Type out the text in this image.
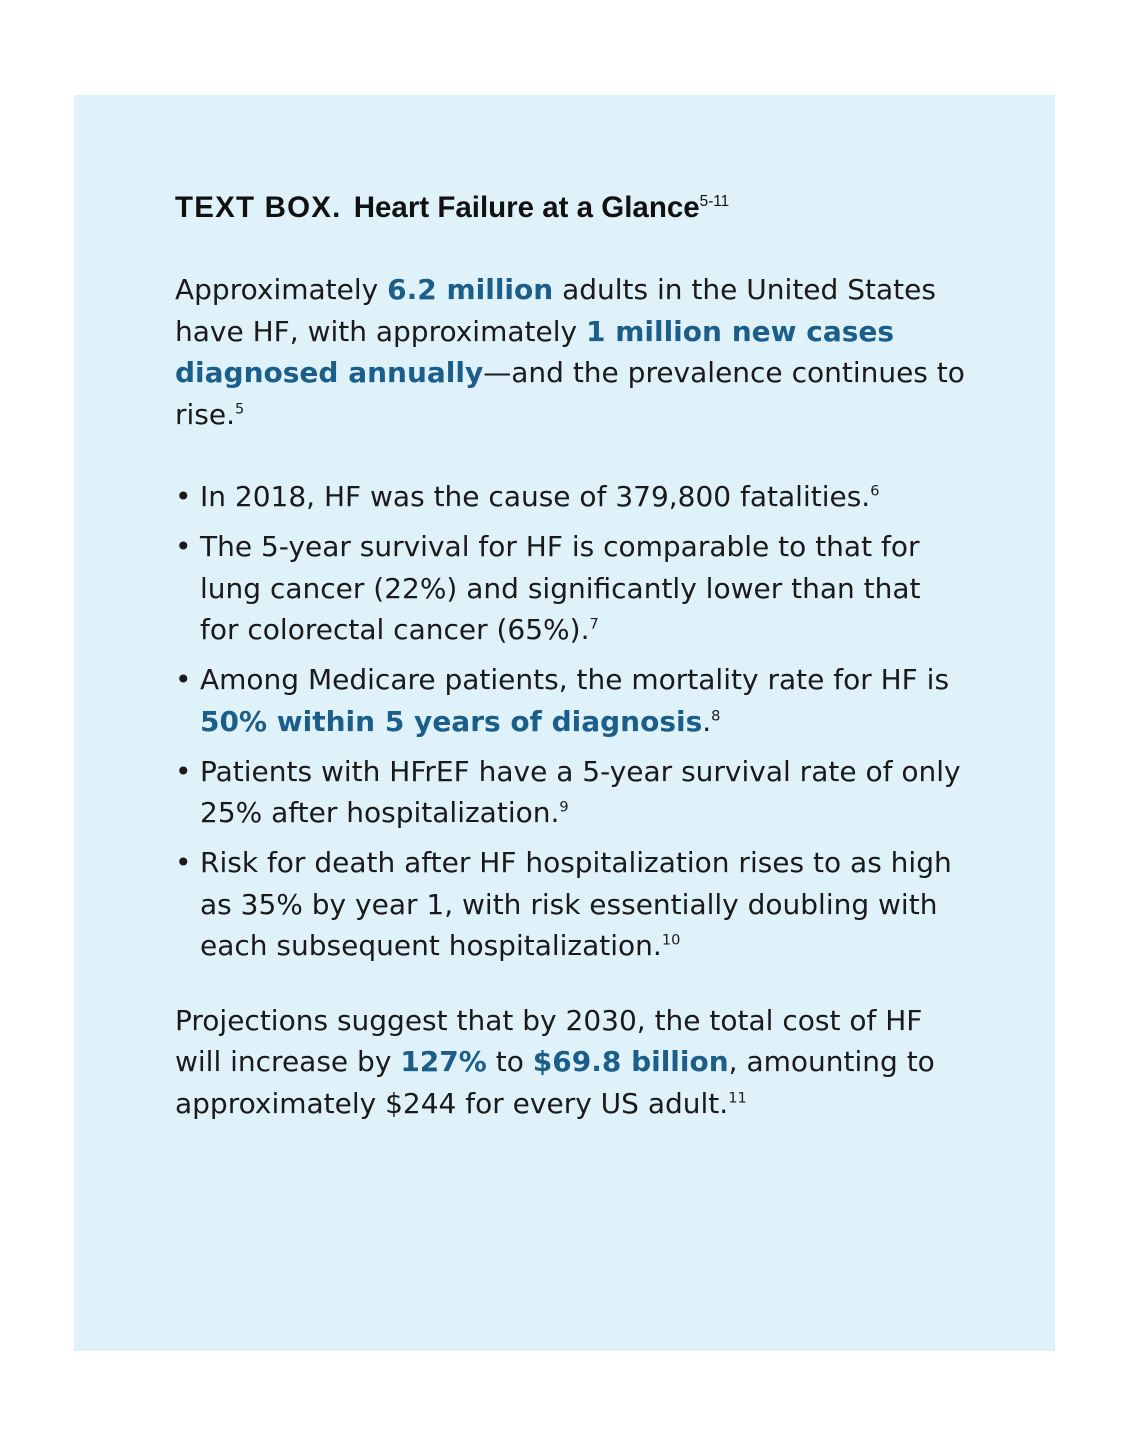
TEXT BOX. Heart Failure at a Glance$^{5-11}$

Approximately 6.2 million adults in the United States have HF, with approximately 1 million new cases diagnosed annually—and the prevalence continues to rise.$^5$

• In 2018, HF was the cause of 379,800 fatalities.$^6$
• The 5-year survival for HF is comparable to that for lung cancer (22%) and significantly lower than that for colorectal cancer (65%).$^7$
• Among Medicare patients, the mortality rate for HF is 50% within 5 years of diagnosis.$^8$
• Patients with HFrEF have a 5-year survival rate of only 25% after hospitalization.$^9$
• Risk for death after HF hospitalization rises to as high as 35% by year 1, with risk essentially doubling with each subsequent hospitalization.$^{10}$

Projections suggest that by 2030, the total cost of HF will increase by 127% to $69.8 billion, amounting to approximately $244 for every US adult.$^{11}$
